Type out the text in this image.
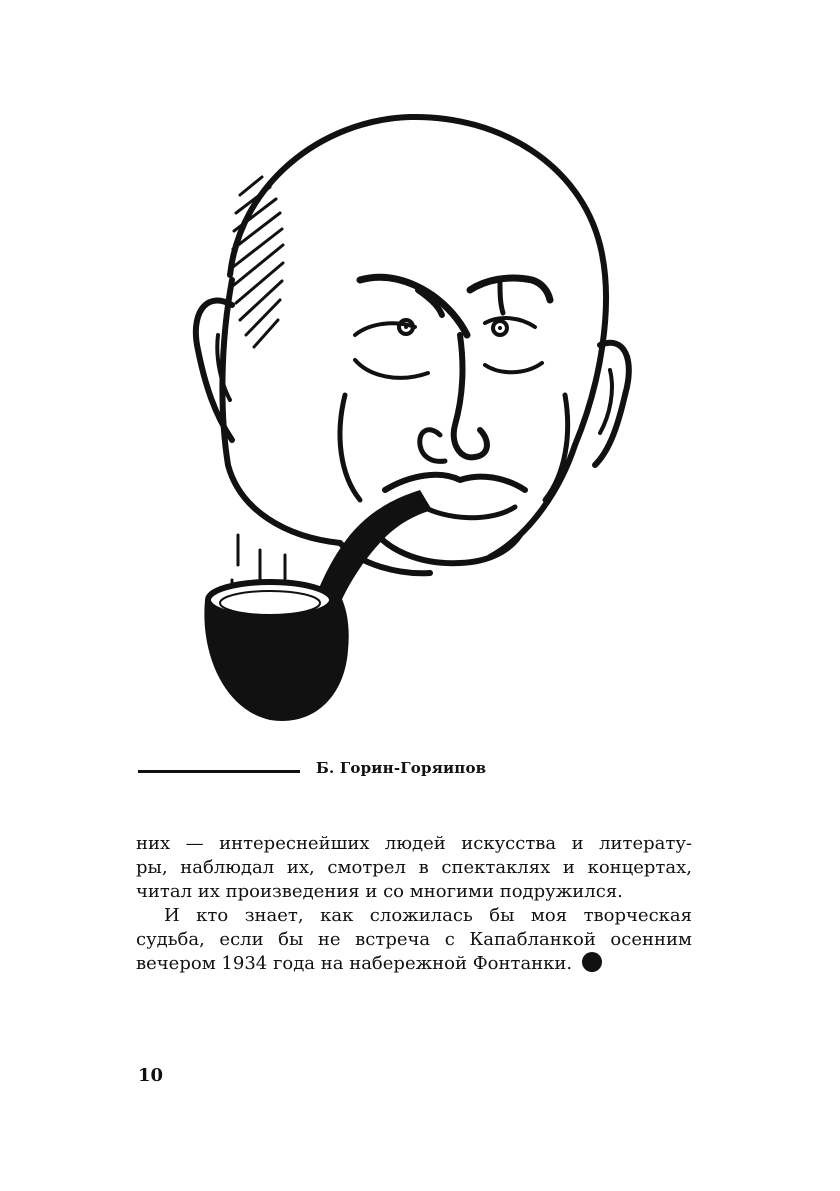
Б. Горин-Горяипов
них — интереснейших людей искусства и литерату-
ры, наблюдал их, смотрел в спектаклях и концертах,
читал их произведения и со многими подружился.
И кто знает, как сложилась бы моя творческая
судьба, если бы не встреча с Капабланкой осенним
вечером 1934 года на набережной Фонтанки.
10
